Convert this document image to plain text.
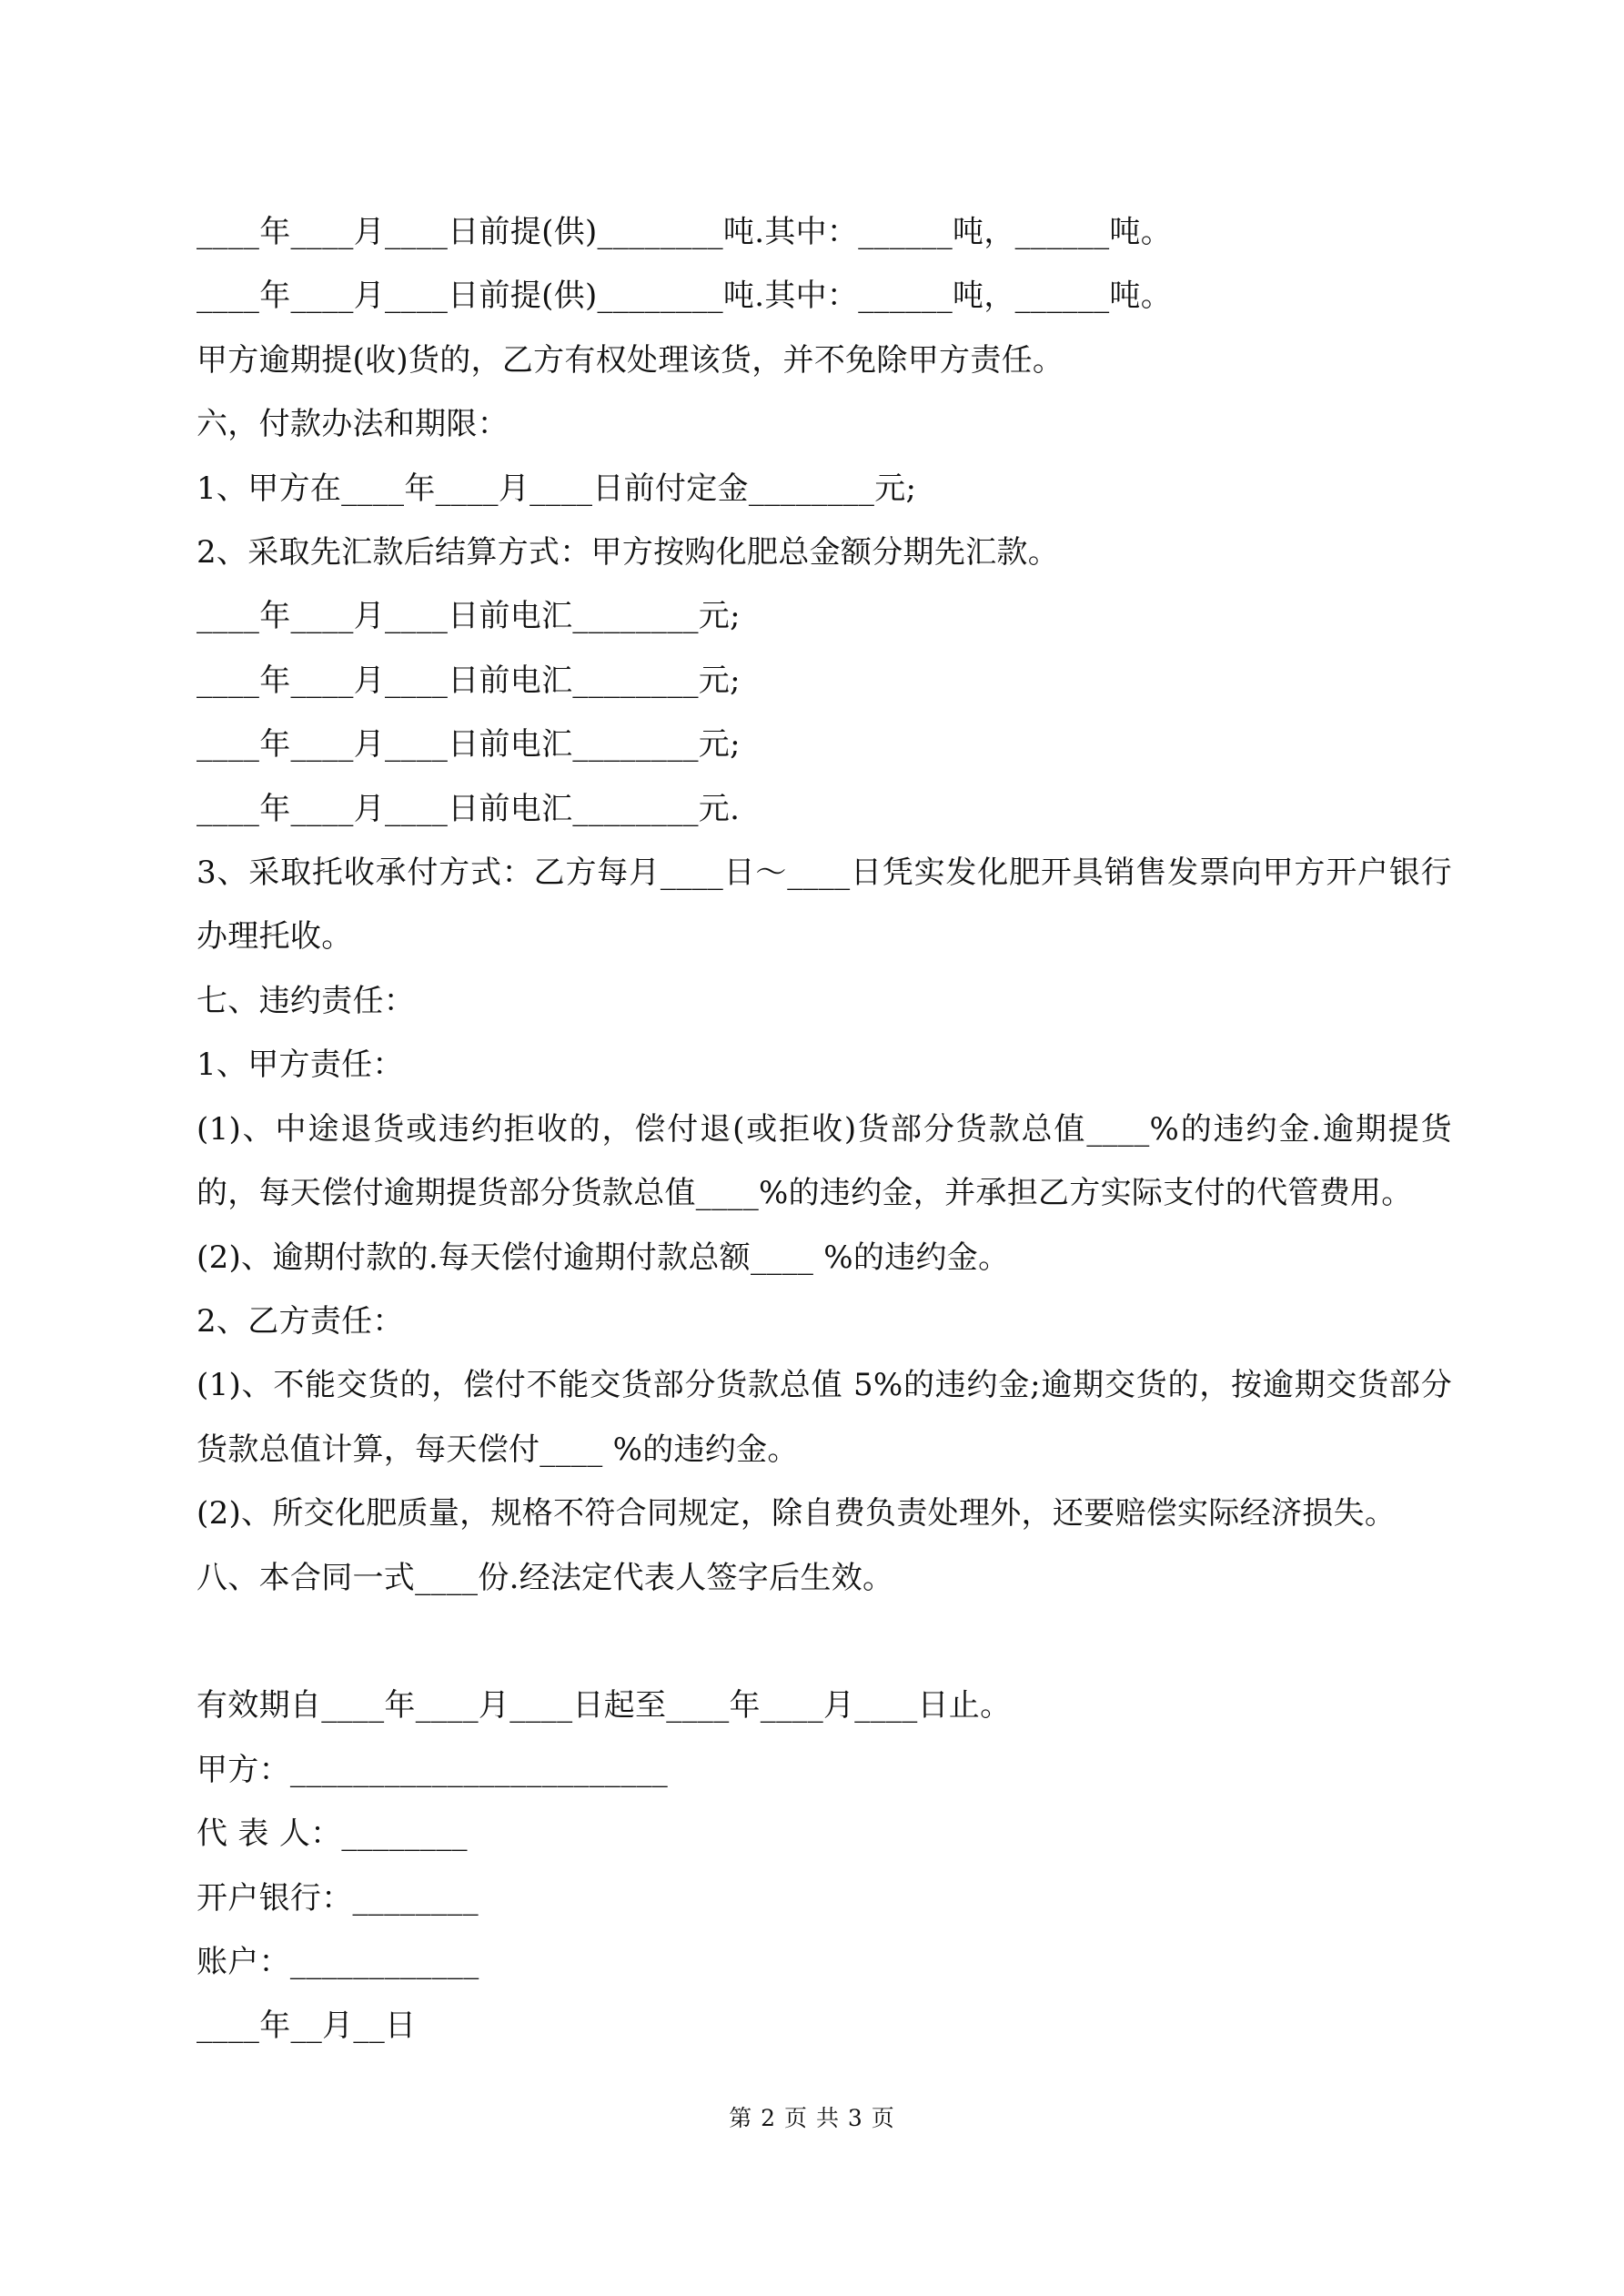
____年____月____日前提(供)________吨.其中：______吨，______吨。

____年____月____日前提(供)________吨.其中：______吨，______吨。

甲方逾期提(收)货的，乙方有权处理该货，并不免除甲方责任。

六，付款办法和期限：

1、甲方在____年____月____日前付定金________元;

2、采取先汇款后结算方式：甲方按购化肥总金额分期先汇款。

____年____月____日前电汇________元;

____年____月____日前电汇________元;

____年____月____日前电汇________元;

____年____月____日前电汇________元.

3、采取托收承付方式：乙方每月____日～____日凭实发化肥开具销售发票向甲方开户银行办理托收。

七、违约责任：

1、甲方责任：

(1)、中途退货或违约拒收的，偿付退(或拒收)货部分货款总值____%的违约金.逾期提货的，每天偿付逾期提货部分货款总值____%的违约金，并承担乙方实际支付的代管费用。

(2)、逾期付款的.每天偿付逾期付款总额____ %的违约金。

2、乙方责任：

(1)、不能交货的，偿付不能交货部分货款总值 5%的违约金;逾期交货的，按逾期交货部分货款总值计算，每天偿付____ %的违约金。

(2)、所交化肥质量，规格不符合同规定，除自费负责处理外，还要赔偿实际经济损失。

八、本合同一式____份.经法定代表人签字后生效。

有效期自____年____月____日起至____年____月____日止。

甲方：________________________

代 表 人：________

开户银行：________

账户：____________

____年__月__日

第 2 页 共 3 页
